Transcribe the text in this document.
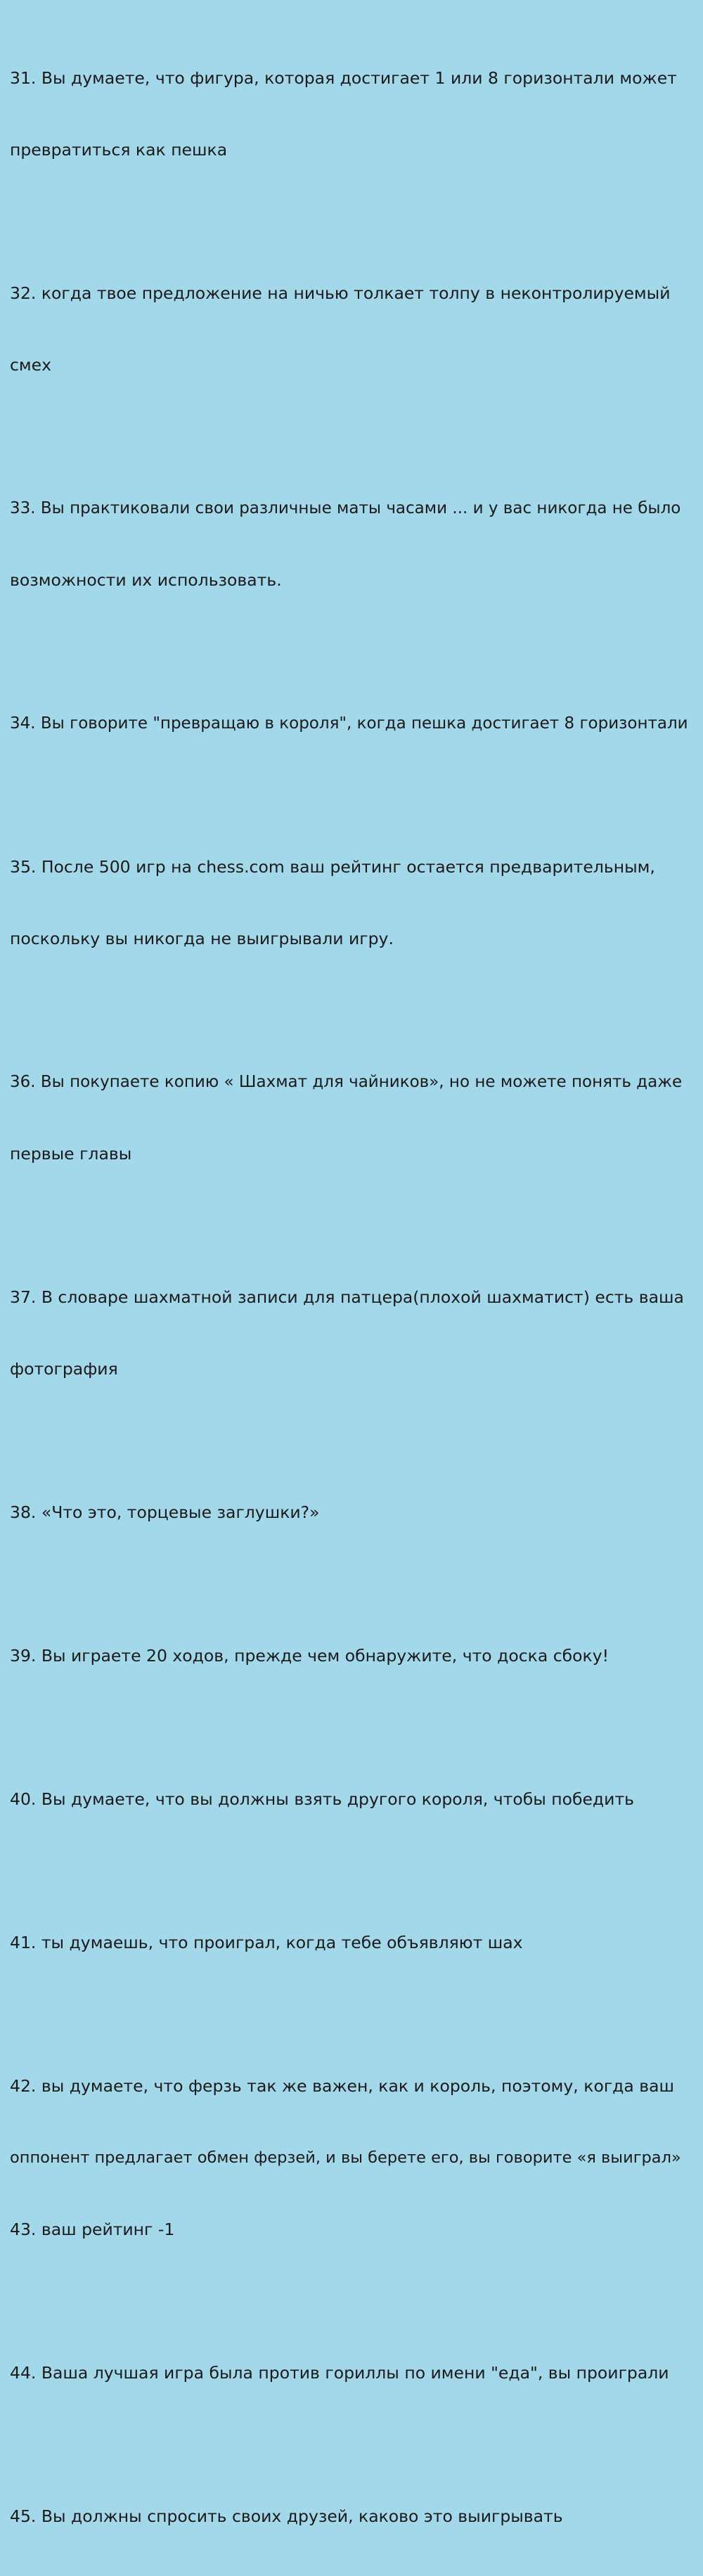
31. Вы думаете, что фигура, которая достигает 1 или 8 горизонтали может

превратиться как пешка

32. когда твое предложение на ничью толкает толпу в неконтролируемый

смех

33. Вы практиковали свои различные маты часами ... и у вас никогда не было

возможности их использовать.

34. Вы говорите "превращаю в короля", когда пешка достигает 8 горизонтали

35. После 500 игр на chess.com ваш рейтинг остается предварительным,

поскольку вы никогда не выигрывали игру.

36. Вы покупаете копию « Шахмат для чайников», но не можете понять даже

первые главы

37. В словаре шахматной записи для патцера(плохой шахматист) есть ваша

фотография

38. «Что это, торцевые заглушки?»

39. Вы играете 20 ходов, прежде чем обнаружите, что доска сбоку!

40. Вы думаете, что вы должны взять другого короля, чтобы победить

41. ты думаешь, что проиграл, когда тебе объявляют шах

42. вы думаете, что ферзь так же важен, как и король, поэтому, когда ваш

оппонент предлагает обмен ферзей, и вы берете его, вы говорите «я выиграл»

43. ваш рейтинг -1

44. Ваша лучшая игра была против гориллы по имени "еда", вы проиграли

45. Вы должны спросить своих друзей, каково это выигрывать
